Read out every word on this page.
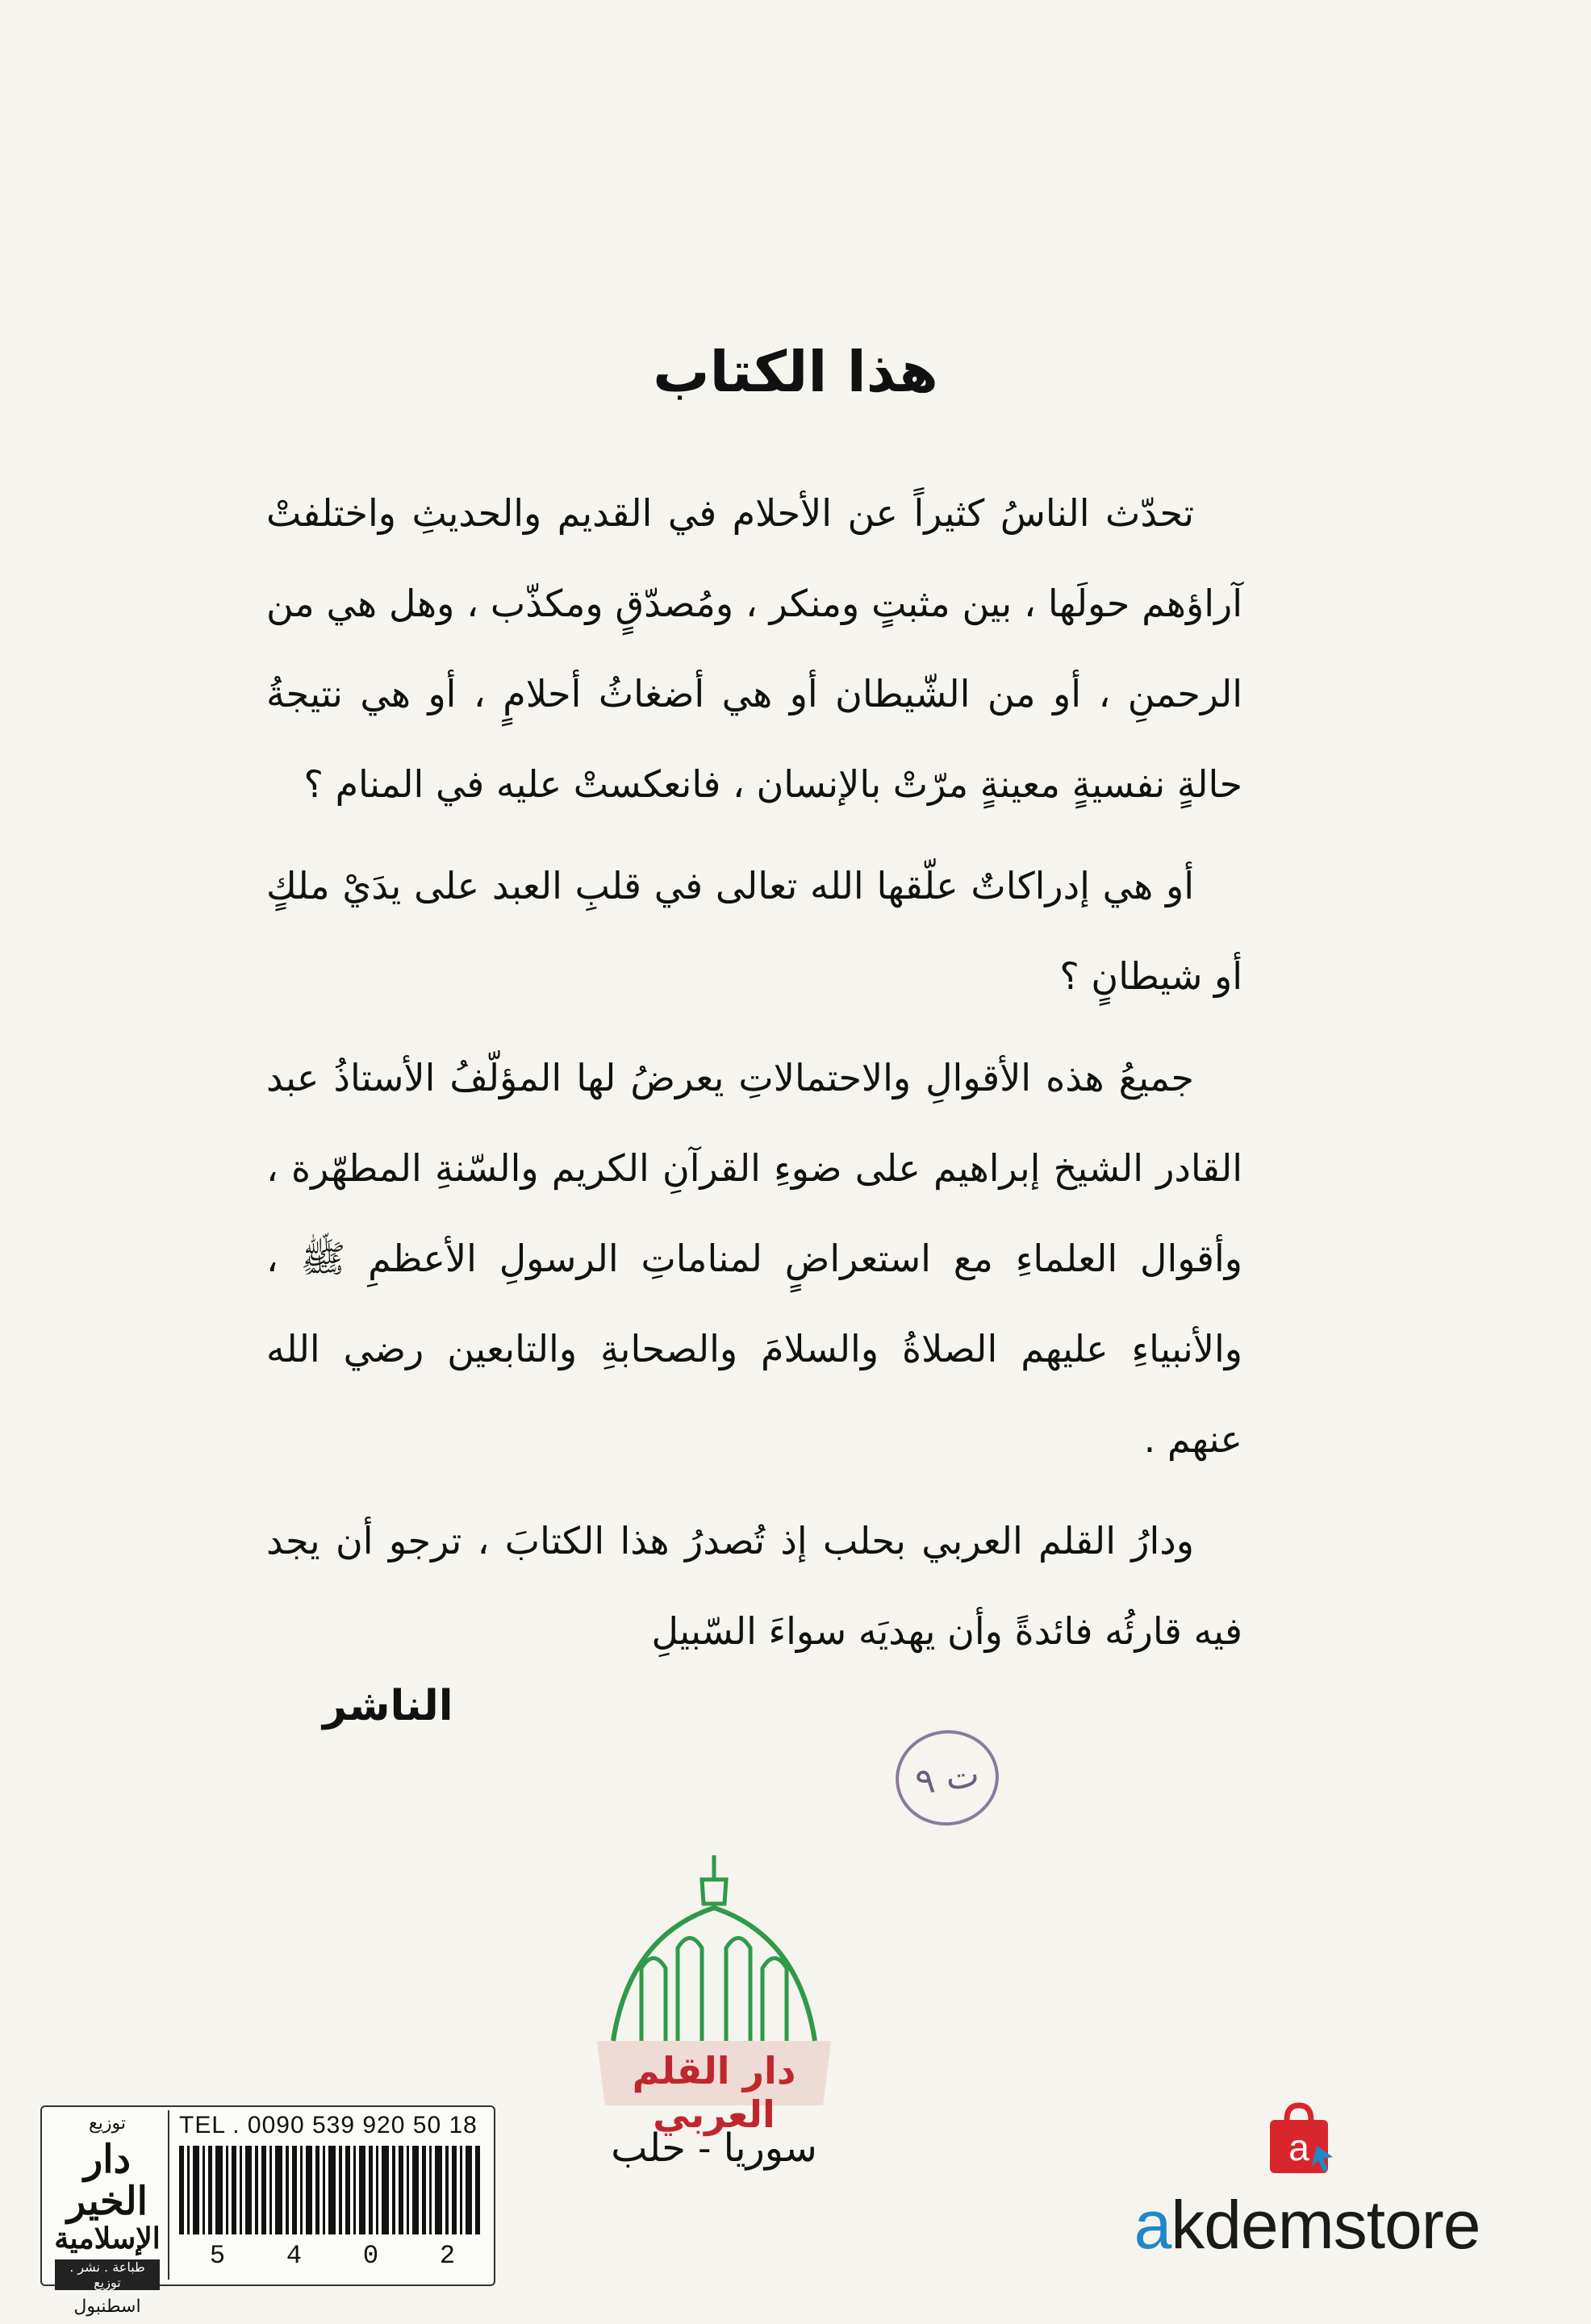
هذا الكتاب

تحدّث الناسُ كثيراً عن الأحلام في القديم والحديثِ واختلفتْ آراؤهم حولَها ، بين مثبتٍ ومنكر ، ومُصدّقٍ ومكذّب ، وهل هي من الرحمنِ ، أو من الشّيطان أو هي أضغاثُ أحلامٍ ، أو هي نتيجةُ حالةٍ نفسيةٍ معينةٍ مرّتْ بالإنسان ، فانعكستْ عليه في المنام ؟

أو هي إدراكاتٌ علّقها الله تعالى في قلبِ العبد على يدَيْ ملكٍ أو شيطانٍ ؟

جميعُ هذه الأقوالِ والاحتمالاتِ يعرضُ لها المؤلّفُ الأستاذُ عبد القادر الشيخ إبراهيم على ضوءِ القرآنِ الكريم والسّنةِ المطهّرة ، وأقوال العلماءِ مع استعراضٍ لمناماتِ الرسولِ الأعظمِ ﷺ ، والأنبياءِ عليهم الصلاةُ والسلامَ والصحابةِ والتابعين رضي الله عنهم .

ودارُ القلم العربي بحلب إذ تُصدرُ هذا الكتابَ ، ترجو أن يجد فيه قارئُه فائدةً وأن يهديَه سواءَ السّبيلِ

الناشر
ت ٩
دار القلم العربي
سوريا - حلب
توزيع
دار الخير
الإسلامية
طباعة . نشر . توزيع
اسطنبول
TEL . 0090 539 920 50 18
5 4 0 2
a
akdemstore
